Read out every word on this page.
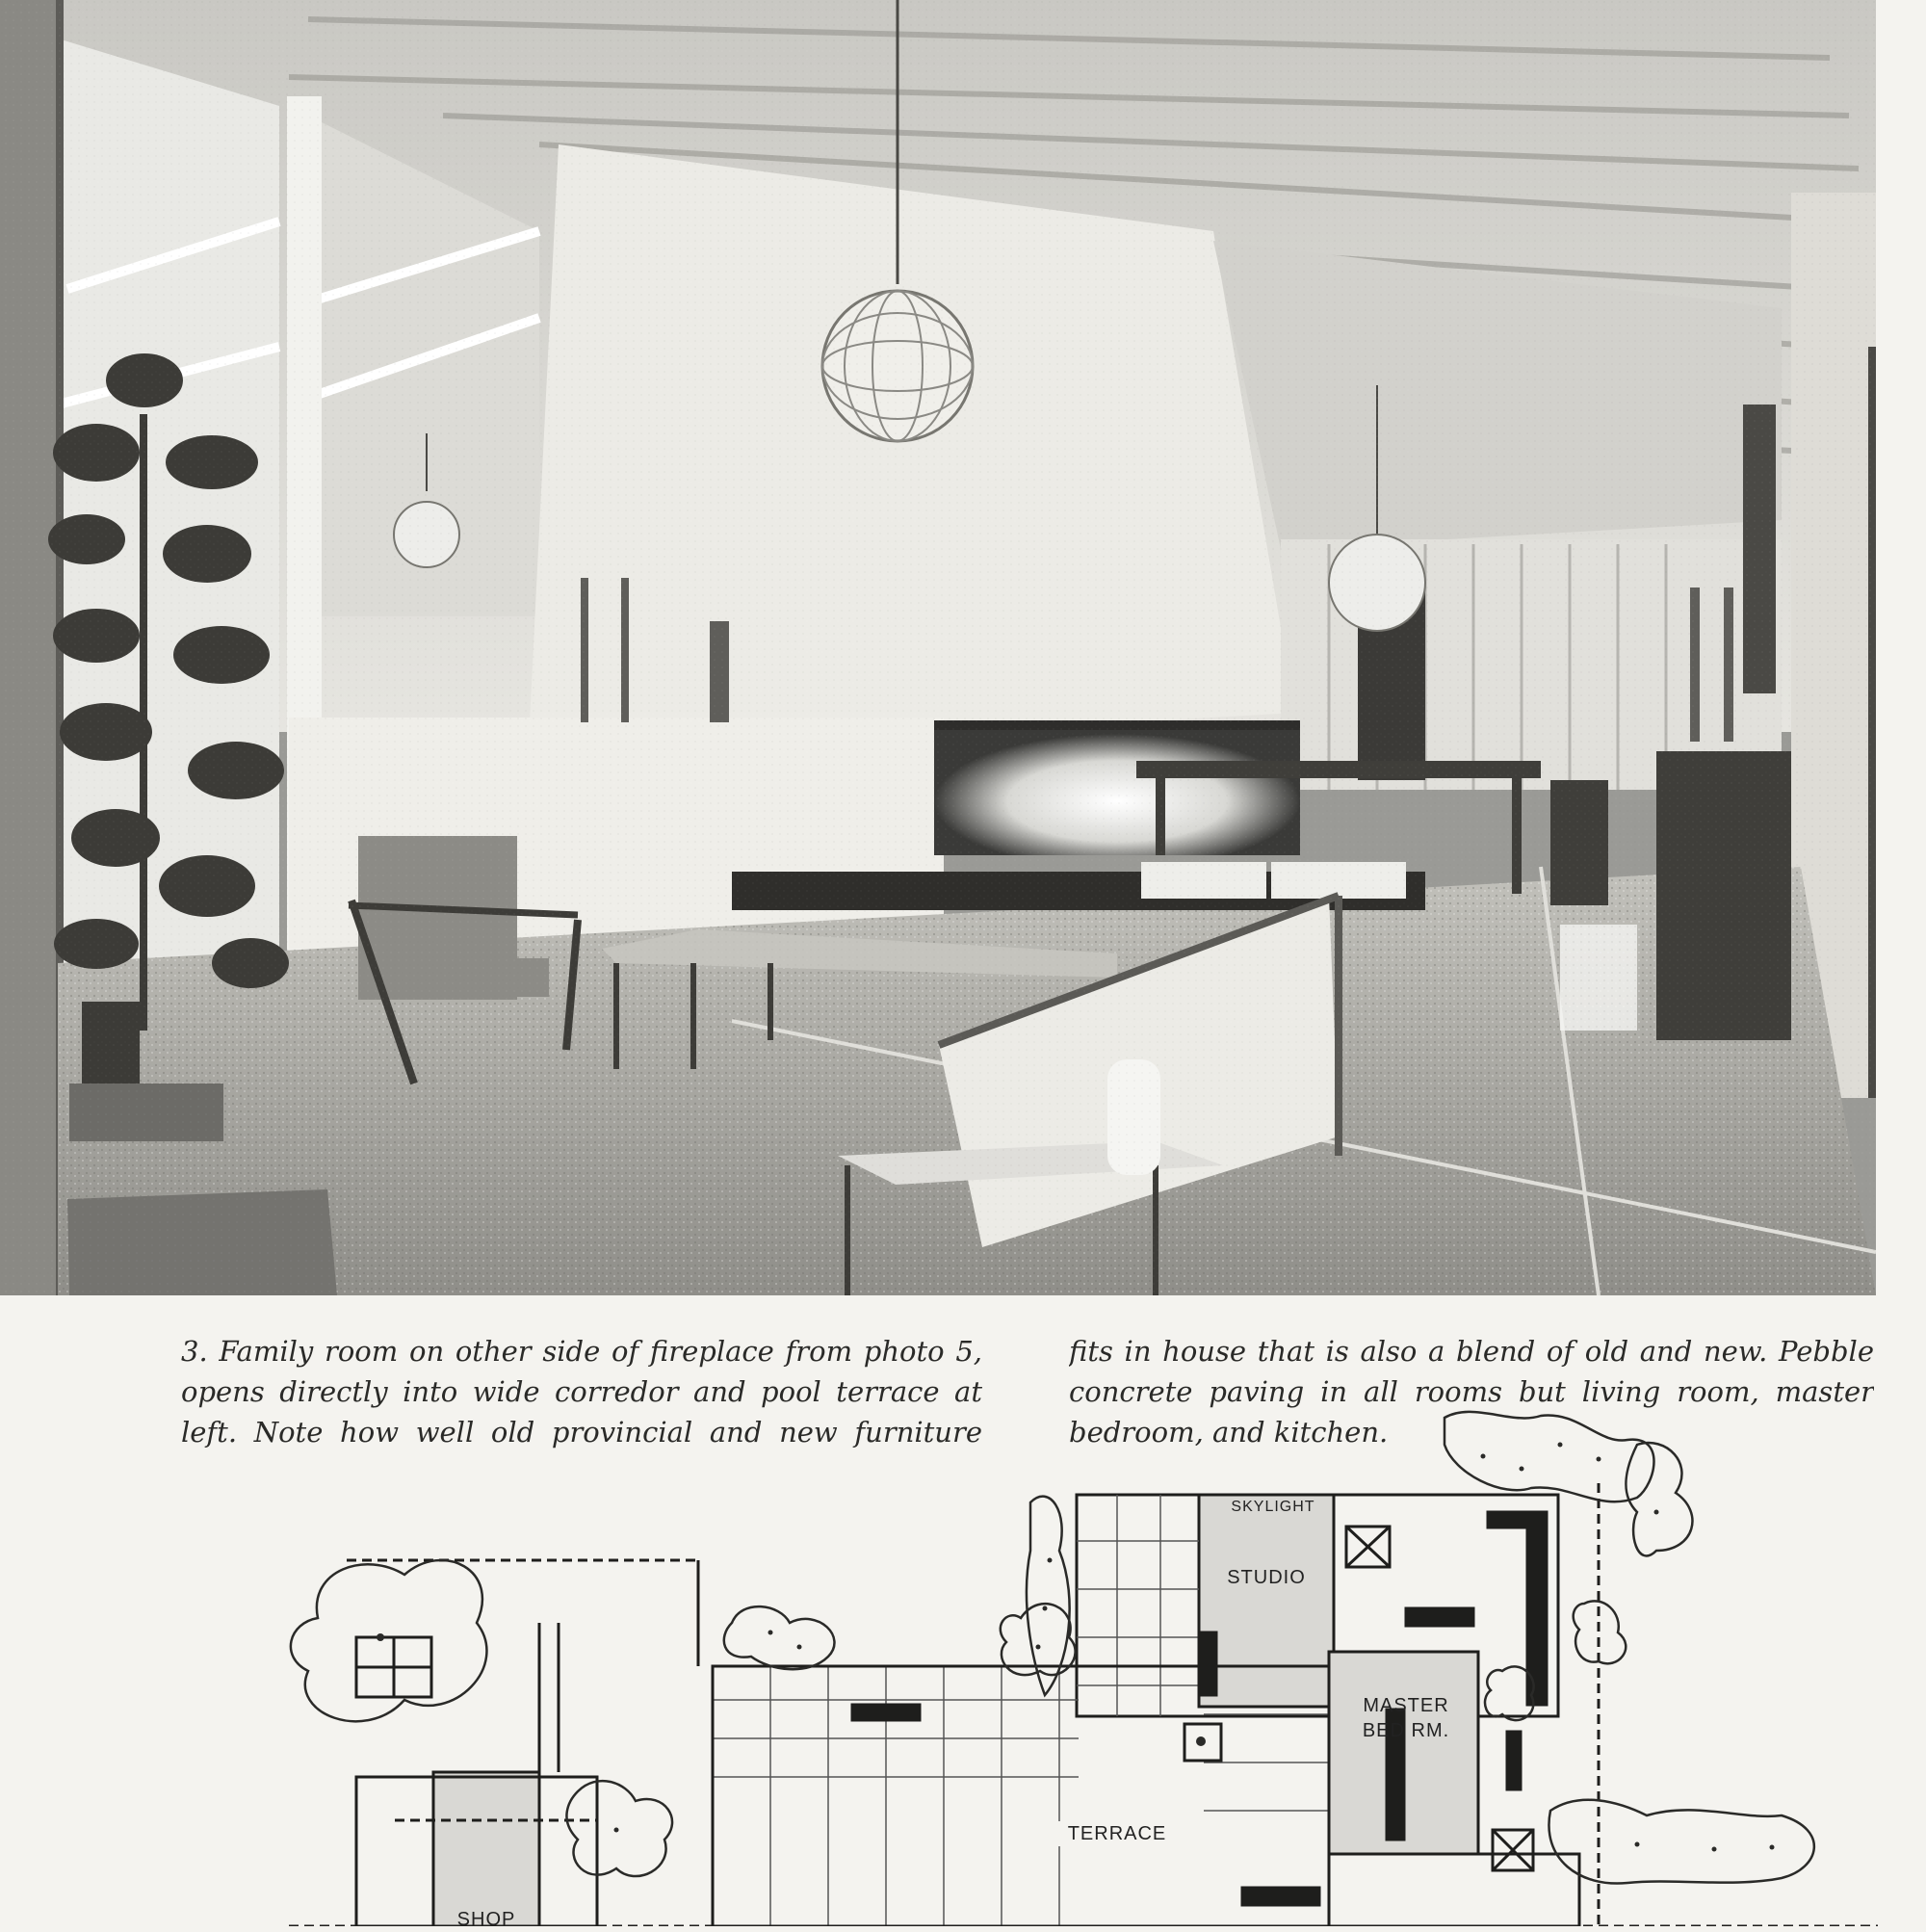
3. Family room on other side of fireplace from photo 5,
opens directly into wide corredor and pool terrace at
left. Note how well old provincial and new furniture
fits in house that is also a blend of old and new. Pebble
concrete paving in all rooms but living room, master
bedroom, and kitchen.
SKYLIGHT
STUDIO
MASTER
BED RM.
TERRACE
SHOP
